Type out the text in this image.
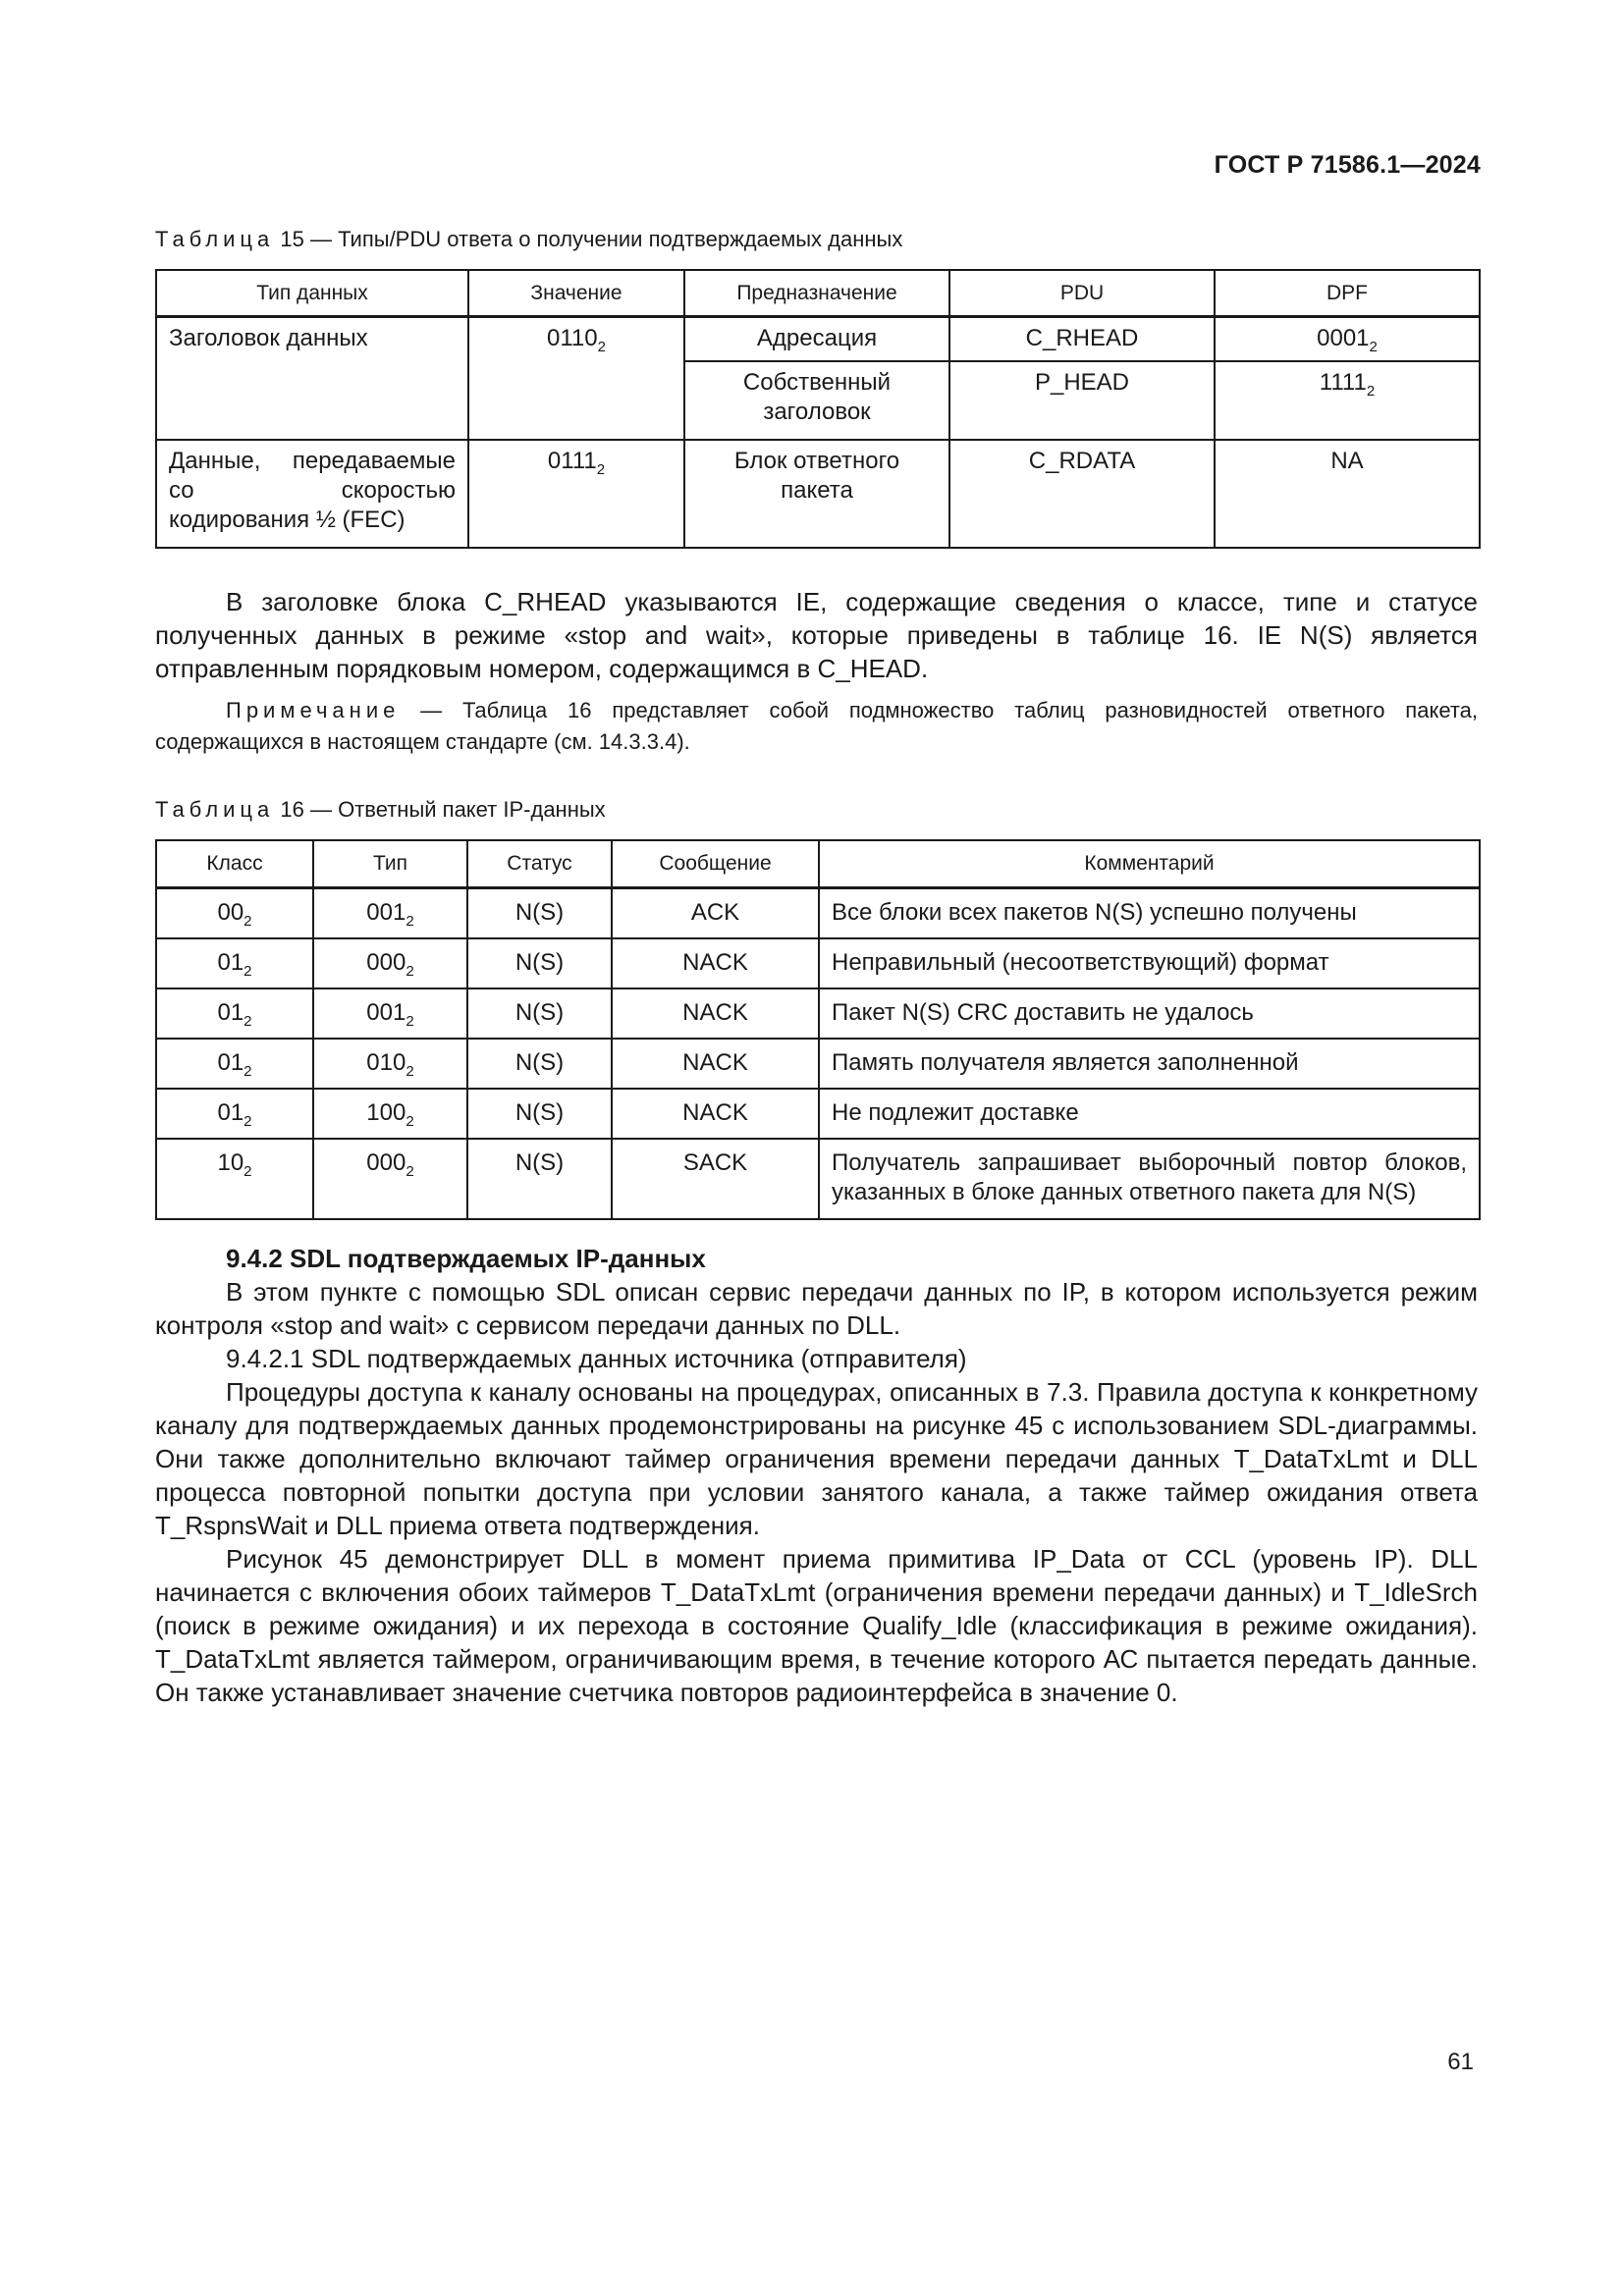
ГОСТ Р 71586.1—2024
Таблица 15 — Типы/PDU ответа о получении подтверждаемых данных
Тип данных	Значение	Предназначение	PDU	DPF
Заголовок данных	$0110_2$	Адресация	C_RHEAD	$0001_2$
		Собственный заголовок	P_HEAD	$1111_2$
Данные, передаваемые со скоростью кодирования ½ (FEC)	$0111_2$	Блок ответного пакета	C_RDATA	NA

В заголовке блока C_RHEAD указываются IE, содержащие сведения о классе, типе и статусе полученных данных в режиме «stop and wait», которые приведены в таблице 16. IE N(S) является отправленным порядковым номером, содержащимся в C_HEAD.

Примечание — Таблица 16 представляет собой подмножество таблиц разновидностей ответного пакета, содержащихся в настоящем стандарте (см. 14.3.3.4).

Таблица 16 — Ответный пакет IP-данных
Класс	Тип	Статус	Сообщение	Комментарий
$00_2$	$001_2$	N(S)	ACK	Все блоки всех пакетов N(S) успешно получены
$01_2$	$000_2$	N(S)	NACK	Неправильный (несоответствующий) формат
$01_2$	$001_2$	N(S)	NACK	Пакет N(S) CRC доставить не удалось
$01_2$	$010_2$	N(S)	NACK	Память получателя является заполненной
$01_2$	$100_2$	N(S)	NACK	Не подлежит доставке
$10_2$	$000_2$	N(S)	SACK	Получатель запрашивает выборочный повтор блоков, указанных в блоке данных ответного пакета для N(S)

9.4.2 SDL подтверждаемых IP-данных

В этом пункте с помощью SDL описан сервис передачи данных по IP, в котором используется режим контроля «stop and wait» с сервисом передачи данных по DLL.

9.4.2.1 SDL подтверждаемых данных источника (отправителя)

Процедуры доступа к каналу основаны на процедурах, описанных в 7.3. Правила доступа к конкретному каналу для подтверждаемых данных продемонстрированы на рисунке 45 с использованием SDL-диаграммы. Они также дополнительно включают таймер ограничения времени передачи данных T_DataTxLmt и DLL процесса повторной попытки доступа при условии занятого канала, а также таймер ожидания ответа T_RspnsWait и DLL приема ответа подтверждения.

Рисунок 45 демонстрирует DLL в момент приема примитива IP_Data от CCL (уровень IP). DLL начинается с включения обоих таймеров T_DataTxLmt (ограничения времени передачи данных) и T_IdleSrch (поиск в режиме ожидания) и их перехода в состояние Qualify_Idle (классификация в режиме ожидания). T_DataTxLmt является таймером, ограничивающим время, в течение которого АС пытается передать данные. Он также устанавливает значение счетчика повторов радиоинтерфейса в значение 0.

61
